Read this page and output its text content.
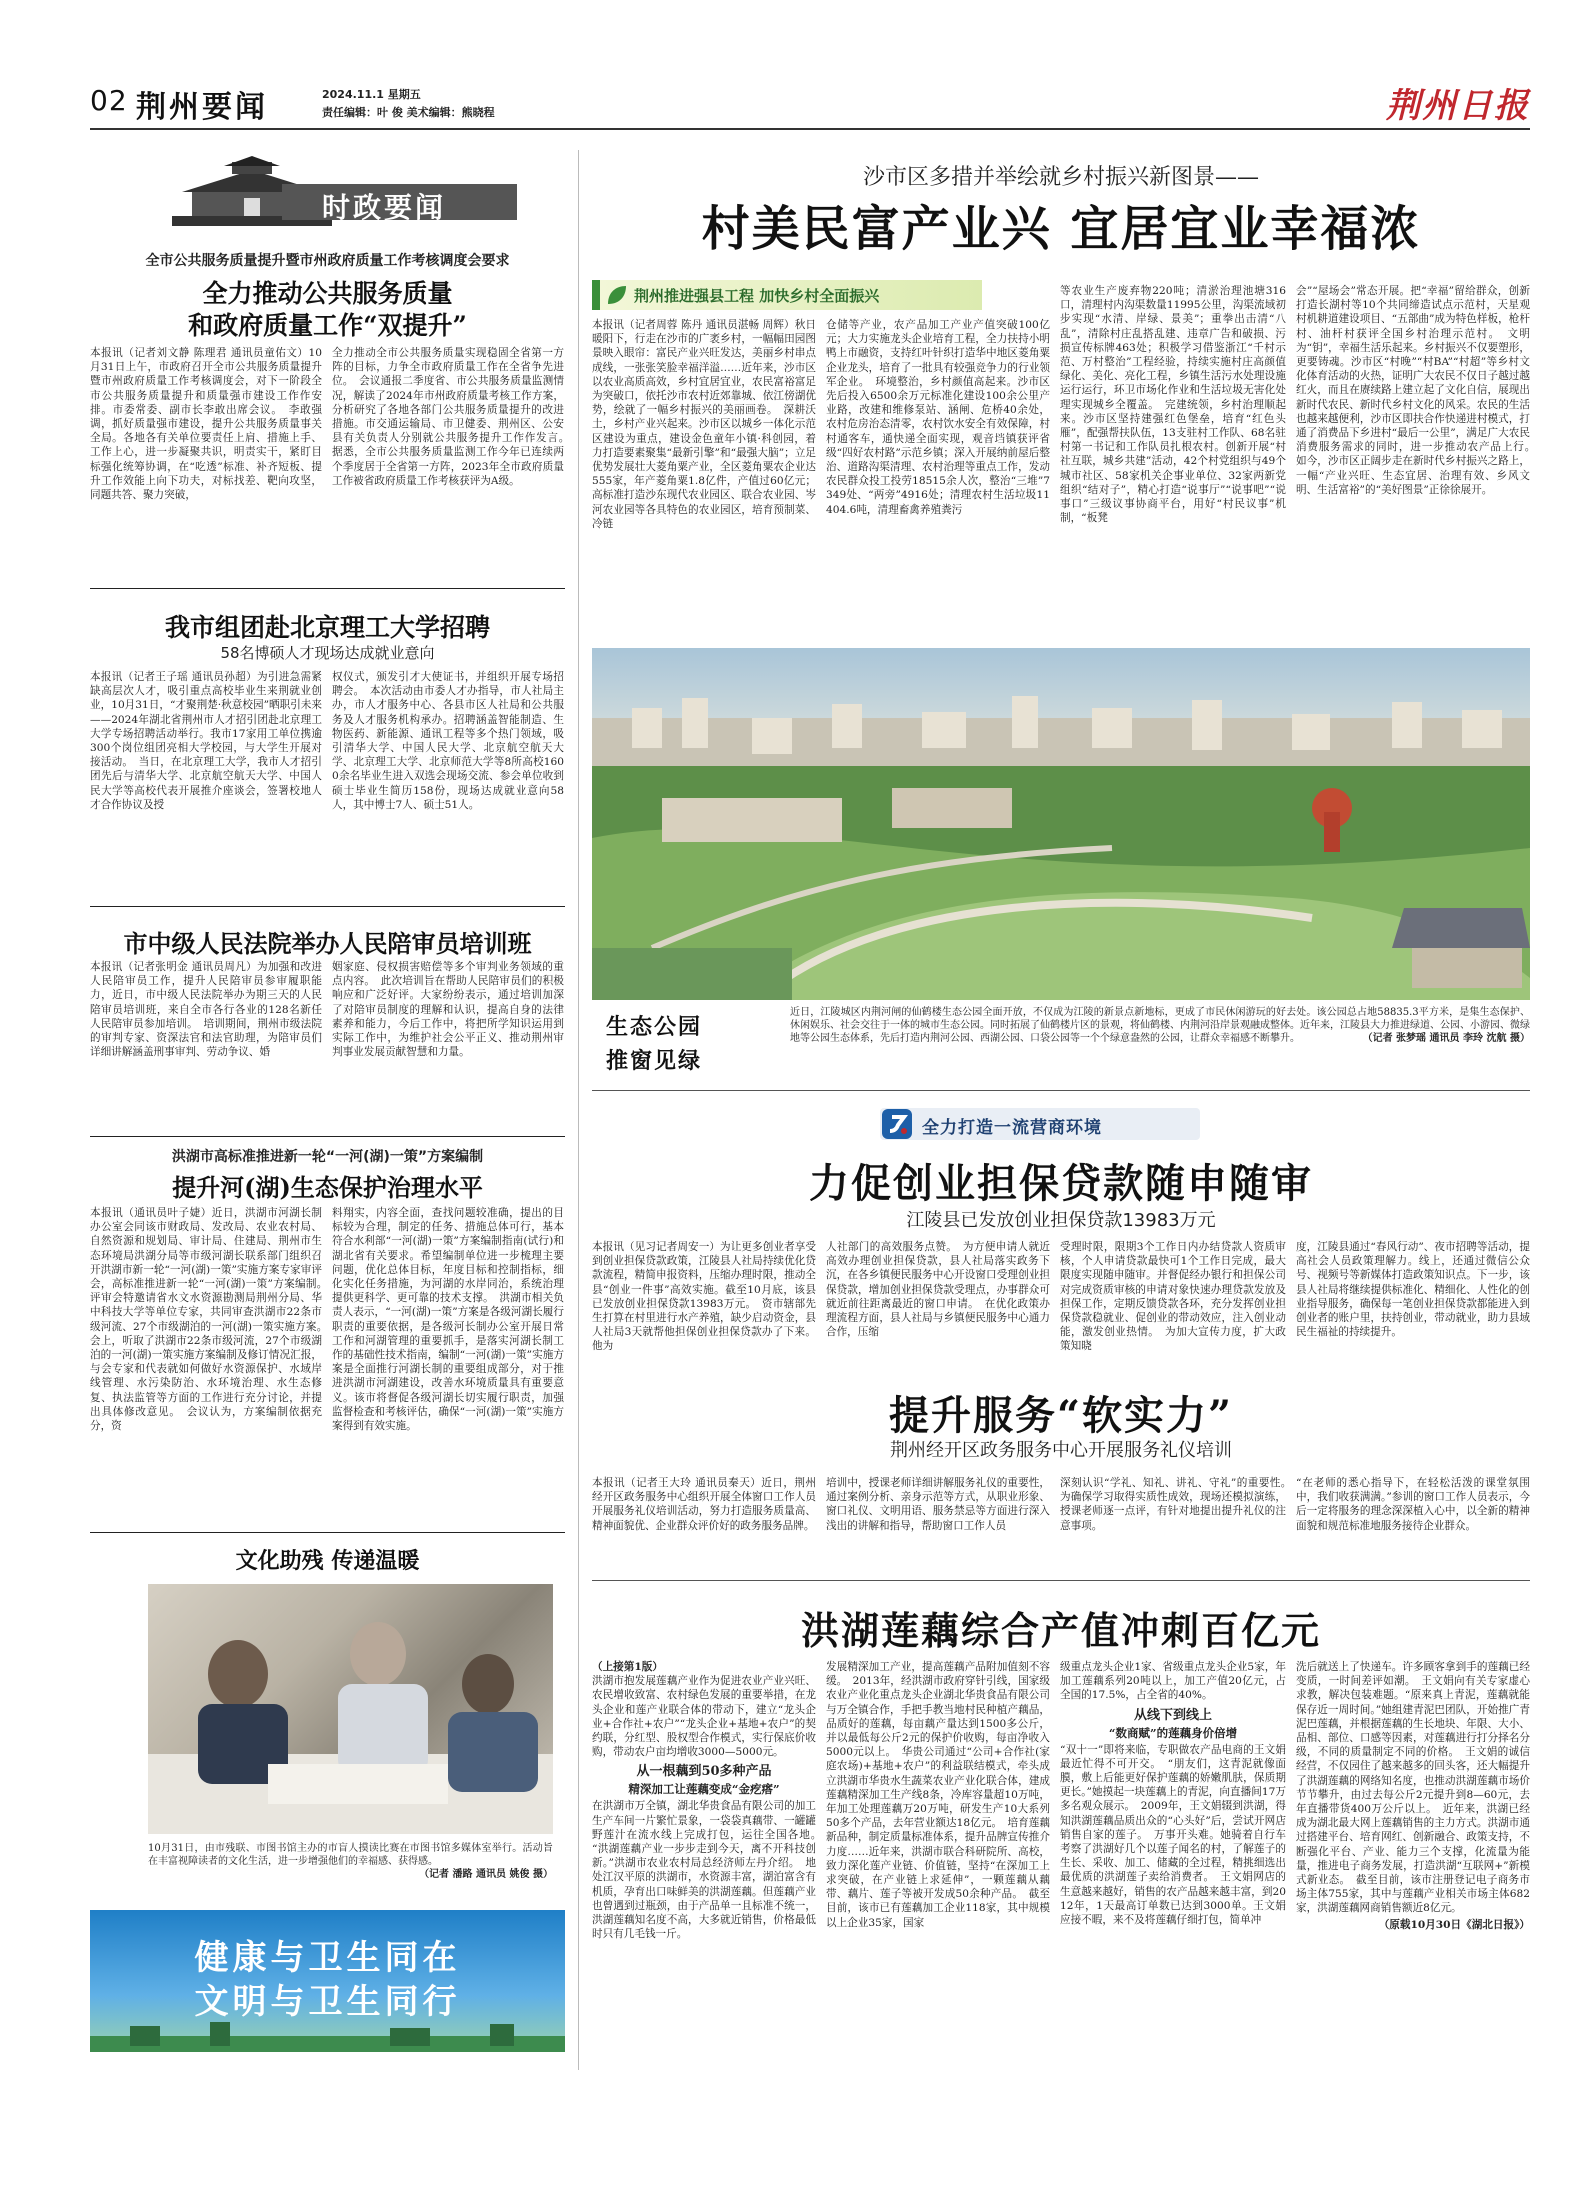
02 荆州要闻	2024.11.1 星期五
责任编辑：叶 俊 美术编辑：熊晓程	荆州日报
时政要闻
全市公共服务质量提升暨市州政府质量工作考核调度会要求
全力推动公共服务质量
和政府质量工作“双提升”
本报讯（记者刘文静 陈理君 通讯员童佑文）10月31日上午，市政府召开全市公共服务质量提升暨市州政府质量工作考核调度会，对下一阶段全市公共服务质量提升和质量强市建设工作作安排。市委常委、副市长李敢出席会议。　李敢强调，抓好质量强市建设，提升公共服务质量事关全局。各地各有关单位要责任上肩、措施上手、工作上心，进一步凝聚共识，明责实干，紧盯目标强化统筹协调，在“吃透”标准、补齐短板、提升工作效能上向下功夫，对标找差、靶向攻坚，同题共答、聚力突破，
全力推动全市公共服务质量实现稳固全省第一方阵的目标，力争全市政府质量工作在全省争先进位。　会议通报二季度省、市公共服务质量监测情况，解读了2024年市州政府质量考核工作方案，分析研究了各地各部门公共服务质量提升的改进措施。市交通运输局、市卫健委、荆州区、公安县有关负责人分别就公共服务提升工作作发言。　据悉，全市公共服务质量监测工作今年已连续两个季度居于全省第一方阵，2023年全市政府质量工作被省政府质量工作考核获评为A级。
我市组团赴北京理工大学招聘
58名博硕人才现场达成就业意向
本报讯（记者王子瑶 通讯员孙超）为引进急需紧缺高层次人才，吸引重点高校毕业生来荆就业创业，10月31日，“才聚荆楚·秋意校园”晒职引未来——2024年湖北省荆州市人才招引团赴北京理工大学专场招聘活动举行。我市17家用工单位携逾300个岗位组团亮相大学校园，与大学生开展对接活动。　当日，在北京理工大学，我市人才招引团先后与清华大学、北京航空航天大学、中国人民大学等高校代表开展推介座谈会，签署校地人才合作协议及授
权仪式，颁发引才大使证书，并组织开展专场招聘会。　本次活动由市委人才办指导，市人社局主办，市人才服务中心、各县市区人社局和公共服务及人才服务机构承办。招聘涵盖智能制造、生物医药、新能源、通讯工程等多个热门领域，吸引清华大学、中国人民大学、北京航空航天大学、北京理工大学、北京师范大学等8所高校1600余名毕业生进入双选会现场交流、参会单位收到硕士毕业生简历158份，现场达成就业意向58人，其中博士7人、硕士51人。
市中级人民法院举办人民陪审员培训班
本报讯（记者张明金 通讯员周凡）为加强和改进人民陪审员工作，提升人民陪审员参审履职能力，近日，市中级人民法院举办为期三天的人民陪审员培训班，来自全市各行各业的128名新任人民陪审员参加培训。　培训期间，荆州市级法院的审判专家、资深法官和法官助理，为陪审员们详细讲解涵盖刑事审判、劳动争议、婚
姻家庭、侵权损害赔偿等多个审判业务领域的重点内容。　此次培训旨在帮助人民陪审员们的积极响应和广泛好评。大家纷纷表示，通过培训加深了对陪审员制度的理解和认识，提高自身的法律素养和能力，今后工作中，将把所学知识运用到实际工作中，为维护社会公平正义、推动荆州审判事业发展贡献智慧和力量。
洪湖市高标准推进新一轮“一河(湖)一策”方案编制
提升河(湖)生态保护治理水平
本报讯（通讯员叶子婕）近日，洪湖市河湖长制办公室会同该市财政局、发改局、农业农村局、自然资源和规划局、审计局、住建局、荆州市生态环境局洪湖分局等市级河湖长联系部门组织召开洪湖市新一轮“一河(湖)一策”实施方案专家审评会，高标准推进新一轮“一河(湖)一策”方案编制。　评审会特邀请省水文水资源勘测局荆州分局、华中科技大学等单位专家，共同审查洪湖市22条市级河流、27个市级湖泊的一河(湖)一策实施方案。　会上，听取了洪湖市22条市级河流，27个市级湖泊的一河(湖)一策实施方案编制及修订情况汇报，与会专家和代表就如何做好水资源保护、水域岸线管理、水污染防治、水环境治理、水生态修复、执法监管等方面的工作进行充分讨论，并提出具体修改意见。　会议认为，方案编制依据充分，资
料翔实，内容全面，查找问题较准确，提出的目标较为合理，制定的任务、措施总体可行，基本符合水利部“一河(湖)一策”方案编制指南(试行)和湖北省有关要求。希望编制单位进一步梳理主要问题，优化总体目标，年度目标和控制指标，细化实化任务措施，为河湖的水岸同治，系统治理提供更科学、更可靠的技术支撑。　洪湖市相关负责人表示，“一河(湖)一策”方案是各级河湖长履行职责的重要依据，是各级河长制办公室开展日常工作和河湖管理的重要抓手，是落实河湖长制工作的基础性技术指南，编制“一河(湖)一策”实施方案是全面推行河湖长制的重要组成部分，对于推进洪湖市河湖建设，改善水环境质量具有重要意义。该市将督促各级河湖长切实履行职责，加强监督检查和考核评估，确保“一河(湖)一策”实施方案得到有效实施。
文化助残 传递温暖
10月31日，由市残联、市图书馆主办的市盲人摸读比赛在市图书馆多媒体室举行。活动旨在丰富视障读者的文化生活，进一步增强他们的幸福感、获得感。
（记者 潘路 通讯员 姚俊 摄）
健康与卫生同在
文明与卫生同行
沙市区多措并举绘就乡村振兴新图景——
村美民富产业兴 宜居宜业幸福浓
荆州推进强县工程 加快乡村全面振兴
本报讯（记者周蓉 陈丹 通讯员湛畅 周辉）秋日暖阳下，行走在沙市的广袤乡村，一幅幅田园图景映入眼帘：富民产业兴旺发达，美丽乡村串点成线，一张张笑脸幸福洋溢……近年来，沙市区以农业高质高效，乡村宜居宜业，农民富裕富足为突破口，依托沙市农村近郊靠城、依江傍湖优势，绘就了一幅乡村振兴的美丽画卷。　深耕沃土，乡村产业兴起来。沙市区以城乡一体化示范区建设为重点，建设金色童年小镇·科创园，着力打造要素聚集“最新引擎”和“最强大脑”；立足优势发展壮大菱角粟产业，全区菱角粟农企业达555家，年产菱角粟1.8亿件，产值过60亿元；高标准打造沙东现代农业园区、联合农业园、岑河农业园等各具特色的农业园区，培育预制菜、冷链
仓储等产业，农产品加工产业产值突破100亿元；大力实施龙头企业培育工程，全力扶持小明鸭上市融资，支持红叶针织打造华中地区菱角粟企业龙头，培育了一批具有较强竞争力的行业领军企业。　环境整治，乡村颜值高起来。沙市区先后投入6500余万元标准化建设100余公里产业路，改建和维修泵站、涵闸、危桥40余处，农村危房治态清零，农村饮水安全有效保障，村村通客车，通快递全面实现，观音垱镇获评省级“四好农村路”示范乡镇；深入开展纳前屋后整治、道路沟渠清理、农村治理等重点工作，发动农民群众投工投劳18515余人次，整治“三堆”7349处、“两旁”4916处；清理农村生活垃圾11404.6吨，清理畜禽养殖粪污
等农业生产废弃物220吨；清淤治理池塘316口，清理村内沟渠数量11995公里，沟渠流域初步实现“水清、岸绿、景美”；重拳出击清“八乱”，清除村庄乱搭乱建、违章广告和破损、污损宣传标牌463处；积极学习借鉴浙江“千村示范、万村整治”工程经验，持续实施村庄高颜值绿化、美化、亮化工程，乡镇生活污水处理设施运行运行，环卫市场化作业和生活垃圾无害化处理实现城乡全覆盖。　完建统领，乡村治理顺起来。沙市区坚持建强红色堡垒，培育“红色头雁”，配强帮扶队伍，13支驻村工作队、68名驻村第一书记和工作队员扎根农村。创新开展“村社互联，城乡共建”活动，42个村党组织与49个城市社区、58家机关企事业单位、32家两新党组织“结对子”，精心打造“说事厅”“说事吧”“说事口”三级议事协商平台，用好“村民议事”机制，“板凳
会”“屋场会”常态开展。把“幸福”留给群众，创新打造长湖村等10个共同缔造试点示范村，天星观村机耕道建设项目、“五部曲”成为特色样板，枪杆村、油杆村获评全国乡村治理示范村。　文明为“钥”，幸福生活乐起来。乡村振兴不仅要塑形，更要铸魂。沙市区“村晚”“村BA”“村超”等乡村文化体育活动的火热，证明广大农民不仅日子越过越红火，而且在赓续路上建立起了文化自信，展现出新时代农民、新时代乡村文化的风采。农民的生活也越来越便利，沙市区即扶合作快递进村模式，打通了消费品下乡进村“最后一公里”，满足广大农民消费服务需求的同时，进一步推动农产品上行。　如今，沙市区正阔步走在新时代乡村振兴之路上，一幅“产业兴旺、生态宜居、治理有效、乡风文明、生活富裕”的“美好图景”正徐徐展开。
生态公园
推窗见绿
近日，江陵城区内荆河闸的仙鹤楼生态公园全面开放，不仅成为江陵的新景点新地标，更成了市民休闲游玩的好去处。该公园总占地58835.3平方米，是集生态保护、休闲娱乐、社会交往于一体的城市生态公园。同时拓展了仙鹤楼片区的景观，将仙鹤楼、内荆河沿岸景观融成整体。近年来，江陵县大力推进绿道、公园、小游园、微绿地等公园生态体系，先后打造内荆河公园、西湖公园、口袋公园等一个个绿意盎然的公园，让群众幸福感不断攀升。	（记者 张梦瑶 通讯员 李玲 沈航 摄）
全力打造一流营商环境
力促创业担保贷款随申随审
江陵县已发放创业担保贷款13983万元
本报讯（见习记者周安一）为让更多创业者享受到创业担保贷款政策，江陵县人社局持续优化贷款流程，精简申报资料，压缩办理时限，推动全县“创业一件事”高效实施。截至10月底，该县已发放创业担保贷款13983万元。　资市辖部先生打算在村里进行水产养殖，缺少启动资金，县人社局3天就帮他担保创业担保贷款办了下来。他为
人社部门的高效服务点赞。　为方便申请人就近高效办理创业担保贷款，县人社局落实政务下沉，在各乡镇便民服务中心开设窗口受理创业担保贷款，增加创业担保贷款受理点，办事群众可就近前往距离最近的窗口申请。　在优化政策办理流程方面，县人社局与乡镇便民服务中心通力合作，压缩
受理时限，限期3个工作日内办结贷款人资质审核，个人申请贷款最快可1个工作日完成，最大限度实现随申随审。并督促经办银行和担保公司对完成资质审核的申请对象快速办理贷款发放及担保工作，定期反馈贷款各环，充分发挥创业担保贷款稳就业、促创业的带动效应，注入创业动能，激发创业热情。　为加大宣传力度，扩大政策知晓
度，江陵县通过“春风行动”、夜市招聘等活动，提高社会人员政策理解力。线上，还通过微信公众号、视频号等新媒体打造政策知识点。下一步，该县人社局将继续提供标准化、精细化、人性化的创业指导服务，确保每一笔创业担保贷款都能进入到创业者的账户里，扶持创业，带动就业，助力县域民生福祉的持续提升。
提升服务“软实力”
荆州经开区政务服务中心开展服务礼仪培训
本报讯（记者王大玲 通讯员秦天）近日，荆州经开区政务服务中心组织开展全体窗口工作人员开展服务礼仪培训活动，努力打造服务质量高、精神面貌优、企业群众评价好的政务服务品牌。
培训中，授课老师详细讲解服务礼仪的重要性，通过案例分析、亲身示范等方式，从职业形象、窗口礼仪、文明用语、服务禁忌等方面进行深入浅出的讲解和指导，帮助窗口工作人员
深刻认识“学礼、知礼、讲礼、守礼”的重要性。　为确保学习取得实质性成效，现场还模拟演练，授课老师逐一点评，有针对地提出提升礼仪的注意事项。
“在老师的悉心指导下，在轻松活泼的课堂氛围中，我们收获满满。”参训的窗口工作人员表示，今后一定将服务的理念深深植入心中，以全新的精神面貌和规范标准地服务接待企业群众。
洪湖莲藕综合产值冲刺百亿元
（上接第1版）
洪湖市抱发展莲藕产业作为促进农业产业兴旺、农民增收致富、农村绿色发展的重要举措，在龙头企业和莲产业联合体的带动下，建立“龙头企业+合作社+农户”“龙头企业+基地+农户”的契约联，分红型、股权型合作模式，实行保底价收购，带动农户亩均增收3000—5000元。
从一根藕到50多种产品
精深加工让莲藕变成“金疙瘩”
在洪湖市万全镇，湖北华贵食品有限公司的加工生产车间一片繁忙景象，一袋袋真藕带、一罐罐野莲汁在流水线上完成打包，运往全国各地。　“洪湖莲藕产业一步步走到今天，离不开科技创新。”洪湖市农业农村局总经济师左丹介绍。　地处江汉平原的洪湖市，水资源丰富，湖泊富含有机质，孕育出口味鲜美的洪湖莲藕。但莲藕产业也曾遇到过瓶颈，由于产品单一且标准不统一，洪湖莲藕知名度不高，大多就近销售，价格最低时只有几毛钱一斤。
发展精深加工产业，提高莲藕产品附加值刻不容缓。　2013年，经洪湖市政府穿针引线，国家级农业产业化重点龙头企业湖北华贵食品有限公司与万全镇合作，手把手教当地村民种植产藕品，品质好的莲藕，每亩藕产量达到1500多公斤，并以最低每公斤2元的保护价收购，每亩净收入5000元以上。　华贵公司通过“公司+合作社(家庭农场)+基地+农户”的利益联结模式，牵头成立洪湖市华贵水生蔬菜农业产业化联合体，建成莲藕精深加工生产线8条，冷库容量超10万吨，年加工处理莲藕万20万吨，研发生产10大系列50多个产品，去年营业额达18亿元。　培育莲藕新品种，制定质量标准体系，提升品牌宣传推介力度……近年来，洪湖市联合科研院所、高校，致力深化莲产业链、价值链，坚持“在深加工上求突破，在产业链上求延伸”，一颗莲藕从藕带、藕片、莲子等被开发成50余种产品。　截至目前，该市已有莲藕加工企业118家，其中规模以上企业35家，国家
级重点龙头企业1家、省级重点龙头企业5家，年加工莲藕系列20吨以上，加工产值20亿元，占全国的17.5%，占全省的40%。
从线下到线上
“数商赋”的莲藕身价倍增
“双十一”即将来临，专职做农产品电商的王文娟最近忙得不可开交。　“朋友们，这青泥就像面膜，敷上后能更好保护莲藕的娇嫩肌肤，保质期更长。”她摸起一块莲藕上的青泥，向直播间17万多名观众展示。　2009年，王文娟辍到洪湖，得知洪湖莲藕品质出众的“心头好”后，尝试开网店销售自家的莲子。　万事开头难。她骑着自行车考察了洪湖好几个以莲子闻名的村，了解莲子的生长、采收、加工、储藏的全过程，精挑细选出最优质的洪湖莲子卖给消费者。　王文娟网店的生意越来越好，销售的农产品越来越丰富，到2012年，1天最高订单数已达到3000单。王文娟应接不暇，来不及将莲藕仔细打包，简单冲
洗后就送上了快递车。许多顾客拿到手的莲藕已经变质，一时间差评如潮。　王文娟向有关专家虚心求教，解决包装难题。“原来真上青泥，莲藕就能保存近一周时间。”她组建青泥巴团队，开始推广青泥巴莲藕，并根据莲藕的生长地块、年限、大小、品相、部位、口感等因素，对莲藕进行打分择名分级，不同的质量制定不同的价格。　王文娟的诚信经营，不仅园住了越来越多的回头客，还大幅提升了洪湖莲藕的网络知名度，也推动洪湖莲藕市场价节节攀升，由过去每公斤2元提升到8—60元，去年直播带货400万公斤以上。　近年来，洪湖已经成为湖北最大网上莲藕销售的主力方式。洪湖市通过搭建平台、培育网红、创新融合、政策支持，不断强化平台、产业、能力三个支撑，化流量为能量，推进电子商务发展，打造洪湖“互联网+”新模式新业态。　截至目前，该市注册登记电子商务市场主体755家，其中与莲藕产业相关市场主体682家，洪湖莲藕网商销售额近8亿元。
（原载10月30日《湖北日报》）
